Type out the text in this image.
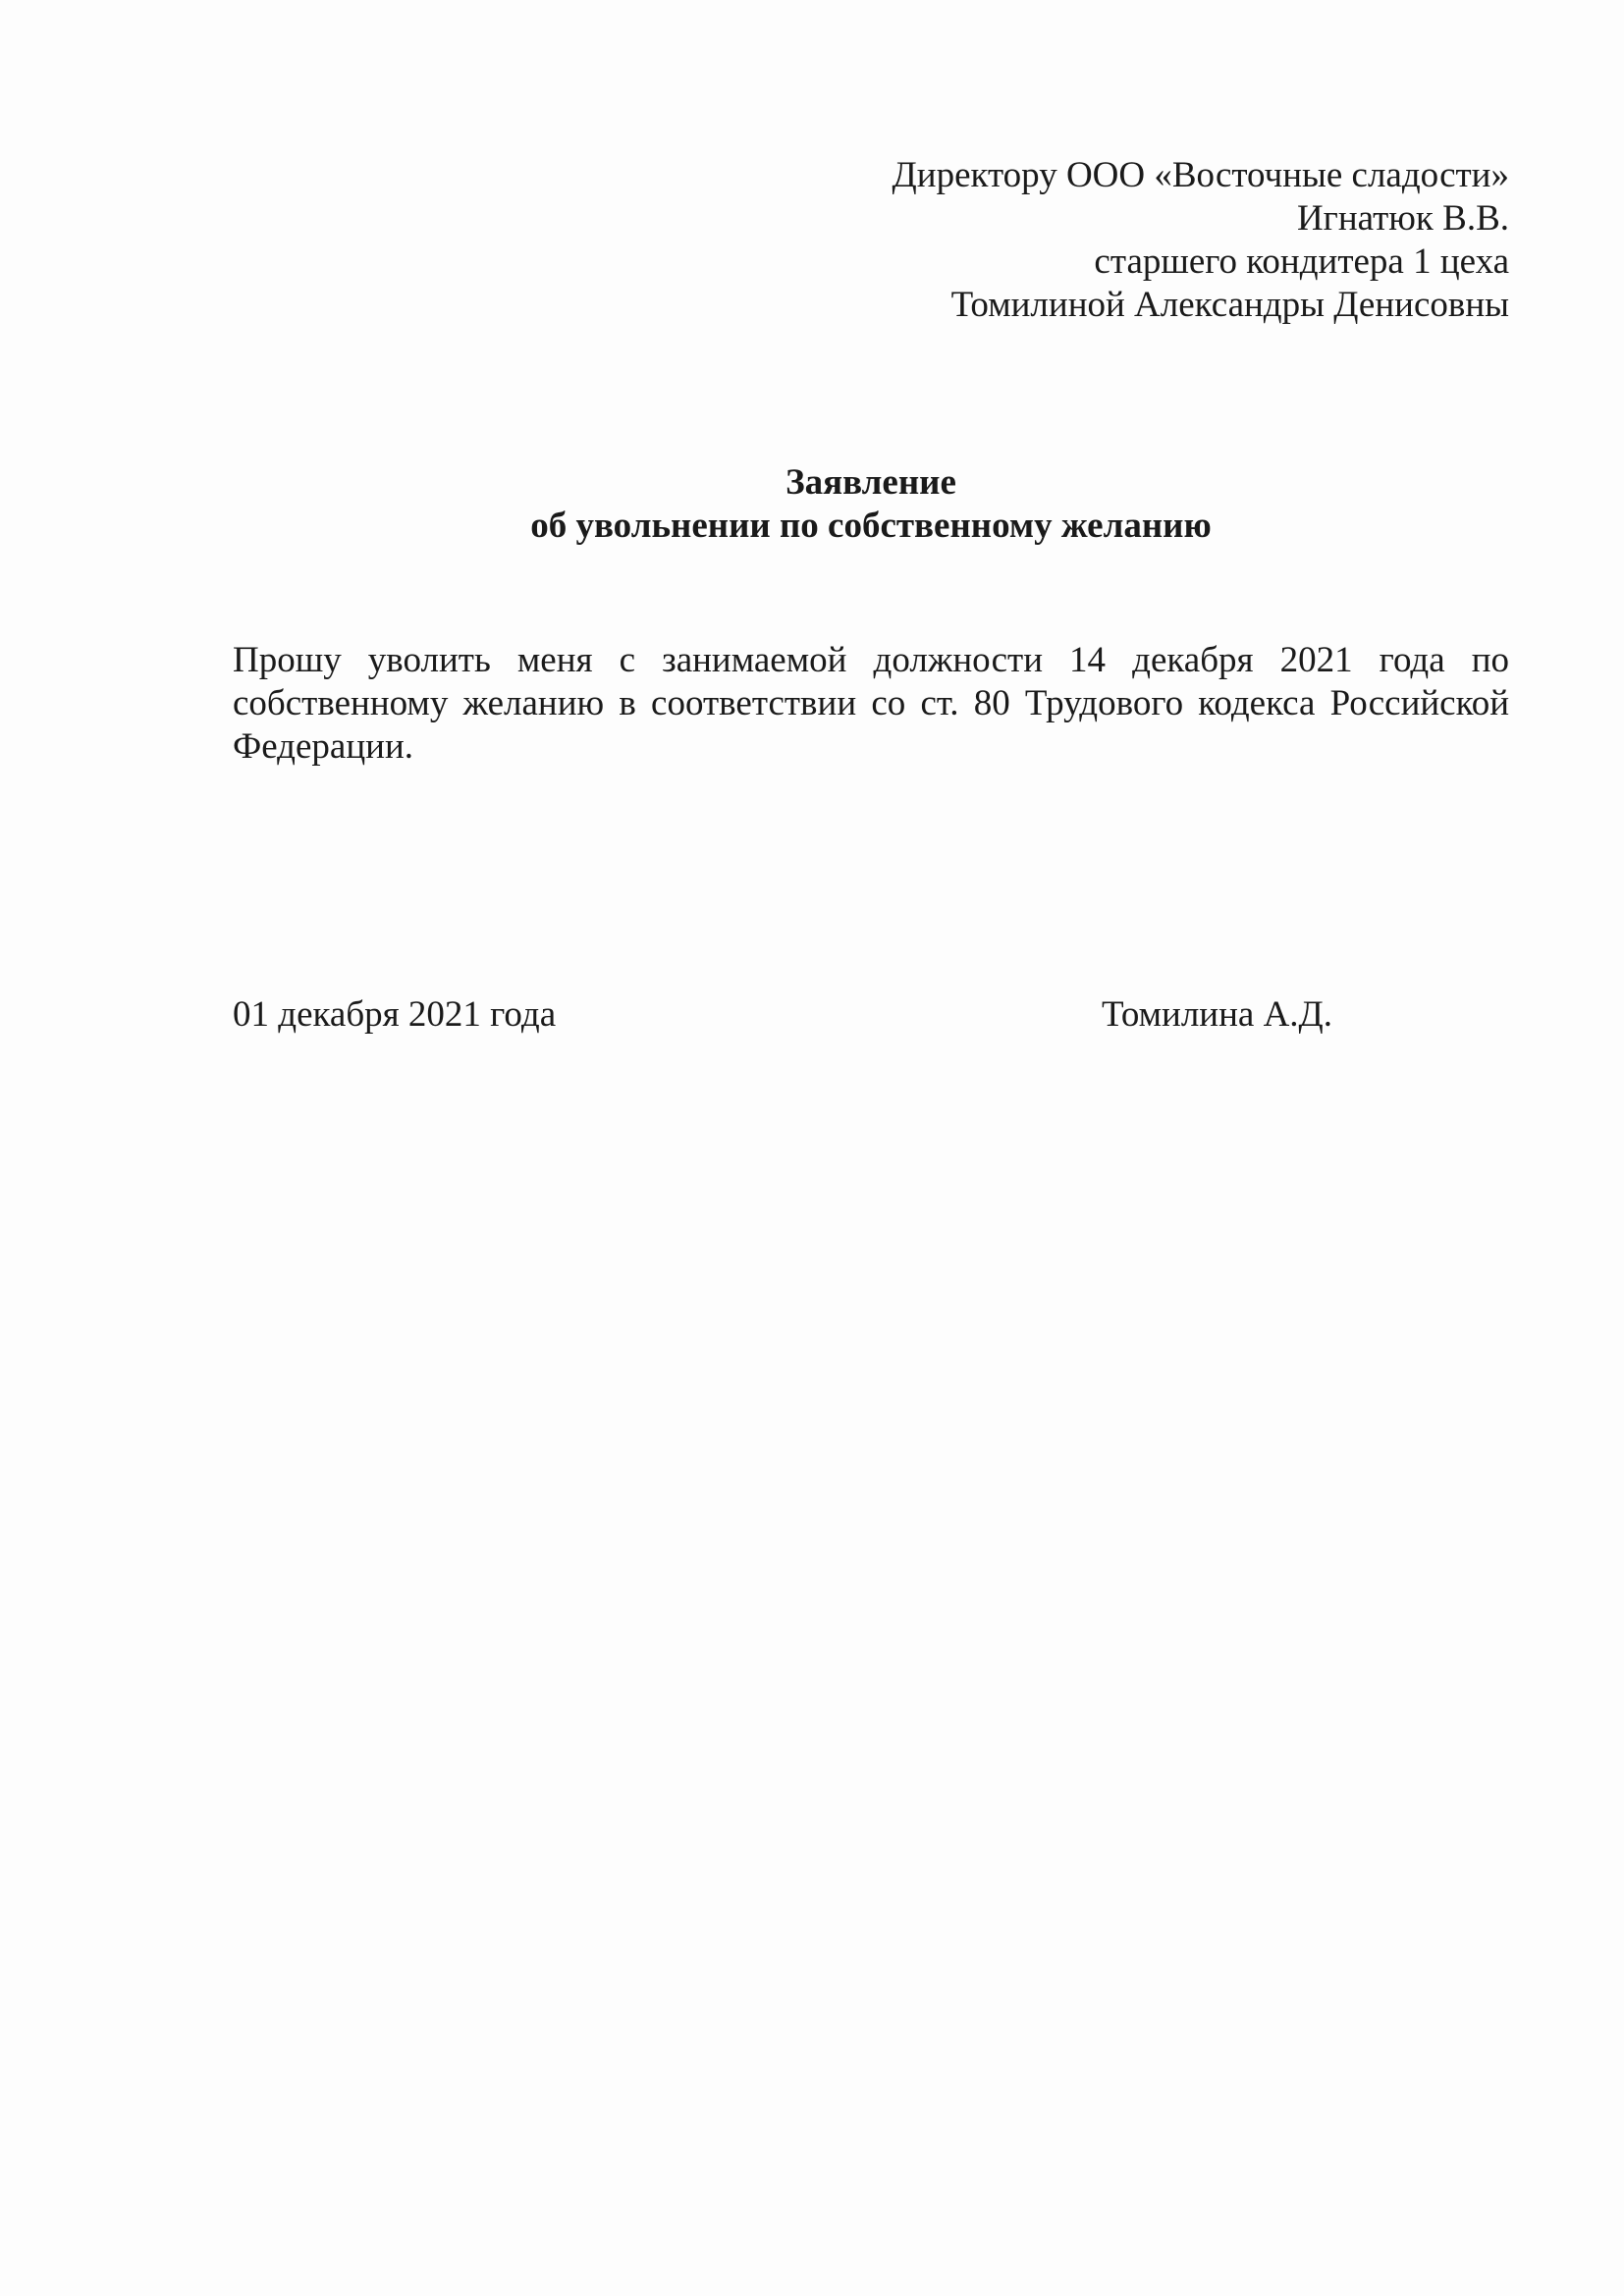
Директору ООО «Восточные сладости»
Игнатюк В.В.
старшего кондитера 1 цеха
Томилиной Александры Денисовны
Заявление
об увольнении по собственному желанию

Прошу уволить меня с занимаемой должности 14 декабря 2021 года по собственному желанию в соответствии со ст. 80 Трудового кодекса Российской Федерации.

01 декабря 2021 года	Томилина А.Д.
